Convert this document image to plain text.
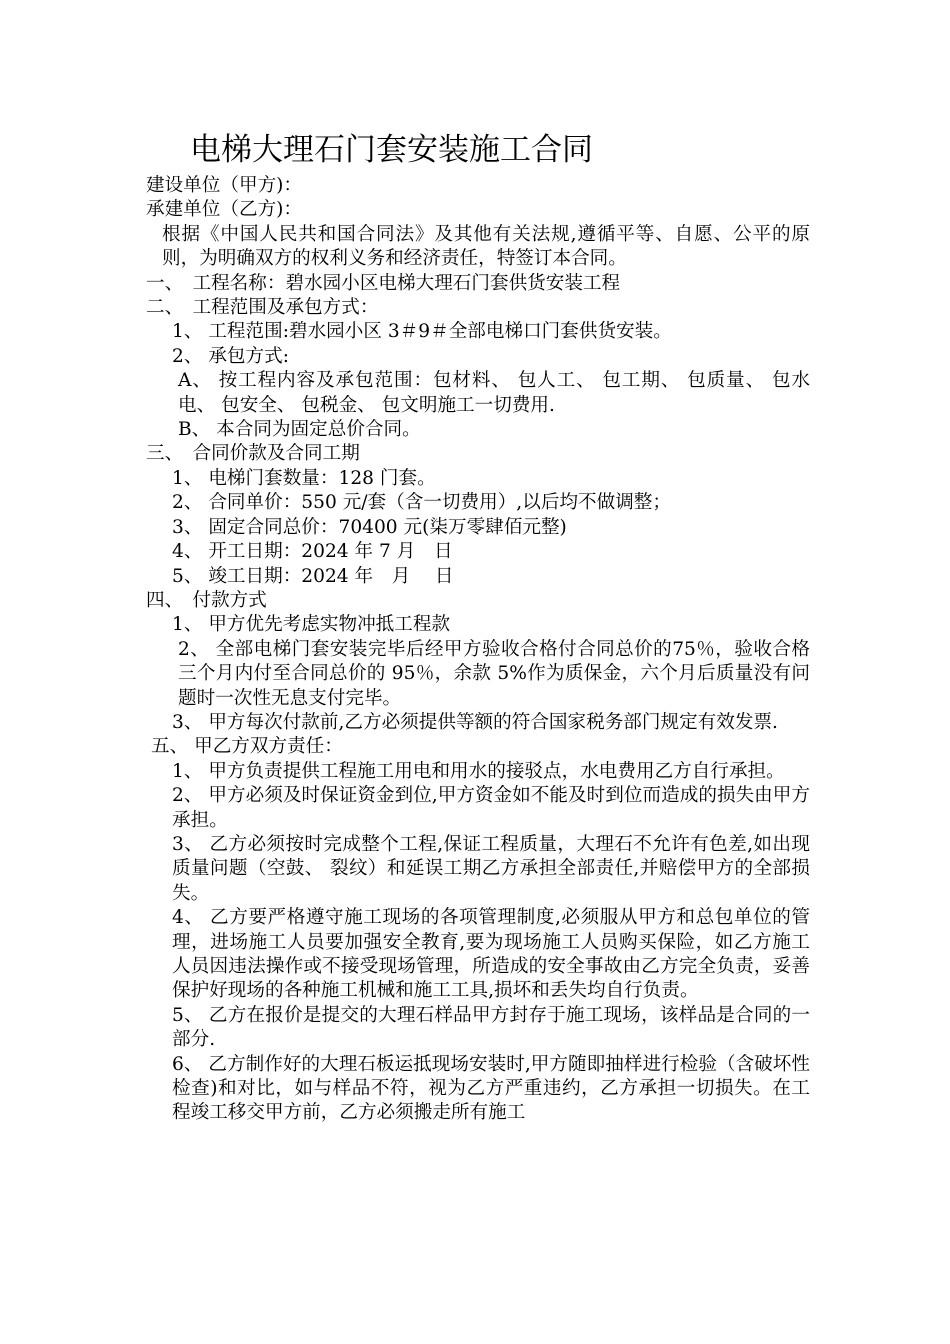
电梯大理石门套安装施工合同

建设单位（甲方)：

承建单位（乙方)：

根据《中国人民共和国合同法》及其他有关法规,遵循平等、自愿、公平的原则，为明确双方的权利义务和经济责任，特签订本合同。

一、　工程名称：碧水园小区电梯大理石门套供货安装工程

二、　工程范围及承包方式：

1、 工程范围:碧水园小区 3＃9＃全部电梯口门套供货安装。

2、 承包方式:

A、 按工程内容及承包范围：包材料、 包人工、 包工期、 包质量、 包水电、 包安全、 包税金、 包文明施工一切费用.

B、 本合同为固定总价合同。

三、　合同价款及合同工期

1、 电梯门套数量：128 门套。

2、 合同单价：550 元/套（含一切费用）,以后均不做调整；

3、 固定合同总价：70400 元(柒万零肆佰元整)

4、 开工日期：2024 年 7 月　日

5、 竣工日期：2024 年　月　 日

四、　付款方式

1、 甲方优先考虑实物冲抵工程款

2、 全部电梯门套安装完毕后经甲方验收合格付合同总价的75％，验收合格三个月内付至合同总价的 95％，余款 5%作为质保金，六个月后质量没有问题时一次性无息支付完毕。

3、 甲方每次付款前,乙方必须提供等额的符合国家税务部门规定有效发票.

五、 甲乙方双方责任：

1、 甲方负责提供工程施工用电和用水的接驳点，水电费用乙方自行承担。

2、 甲方必须及时保证资金到位,甲方资金如不能及时到位而造成的损失由甲方承担。

3、 乙方必须按时完成整个工程,保证工程质量，大理石不允许有色差,如出现质量问题（空鼓、 裂纹）和延误工期乙方承担全部责任,并赔偿甲方的全部损失。

4、 乙方要严格遵守施工现场的各项管理制度,必须服从甲方和总包单位的管理，进场施工人员要加强安全教育,要为现场施工人员购买保险，如乙方施工人员因违法操作或不接受现场管理，所造成的安全事故由乙方完全负责，妥善保护好现场的各种施工机械和施工工具,损坏和丢失均自行负责。

5、 乙方在报价是提交的大理石样品甲方封存于施工现场，该样品是合同的一部分.

6、 乙方制作好的大理石板运抵现场安装时,甲方随即抽样进行检验（含破坏性检查)和对比，如与样品不符，视为乙方严重违约，乙方承担一切损失。在工程竣工移交甲方前，乙方必须搬走所有施工
